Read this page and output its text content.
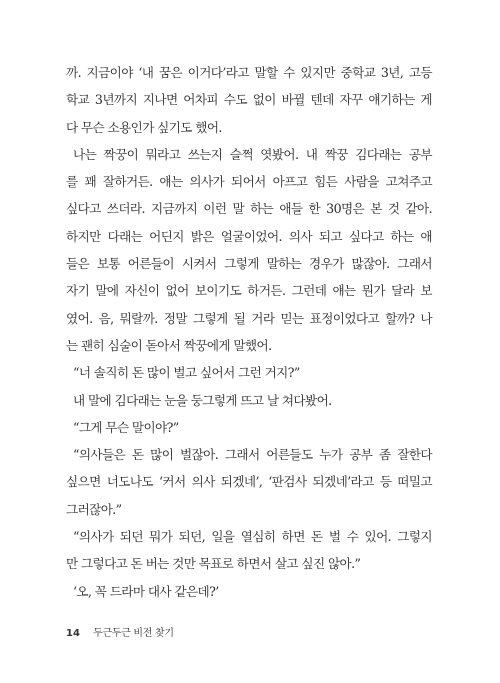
까. 지금이야 ‘내 꿈은 이거다’라고 말할 수 있지만 중학교 3년, 고등
학교 3년까지 지나면 어차피 수도 없이 바뀔 텐데 자꾸 얘기하는 게
다 무슨 소용인가 싶기도 했어.
나는 짝꿍이 뭐라고 쓰는지 슬쩍 엿봤어. 내 짝꿍 김다래는 공부
를 꽤 잘하거든. 얘는 의사가 되어서 아프고 힘든 사람을 고쳐주고
싶다고 쓰더라. 지금까지 이런 말 하는 애들 한 30명은 본 것 같아.
하지만 다래는 어딘지 밝은 얼굴이었어. 의사 되고 싶다고 하는 애
들은 보통 어른들이 시켜서 그렇게 말하는 경우가 많잖아. 그래서
자기 말에 자신이 없어 보이기도 하거든. 그런데 얘는 뭔가 달라 보
였어. 음, 뭐랄까. 정말 그렇게 될 거라 믿는 표정이었다고 할까? 나
는 괜히 심술이 돋아서 짝꿍에게 말했어.
“너 솔직히 돈 많이 벌고 싶어서 그런 거지?”
내 말에 김다래는 눈을 둥그렇게 뜨고 날 쳐다봤어.
“그게 무슨 말이야?”
“의사들은 돈 많이 벌잖아. 그래서 어른들도 누가 공부 좀 잘한다
싶으면 너도나도 ‘커서 의사 되겠네’, ‘판검사 되겠네’라고 등 떠밀고
그러잖아.”
“의사가 되던 뭐가 되던, 일을 열심히 하면 돈 벌 수 있어. 그렇지
만 그렇다고 돈 버는 것만 목표로 하면서 살고 싶진 않아.”
‘오, 꼭 드라마 대사 같은데?’
14 두근두근 비전 찾기
